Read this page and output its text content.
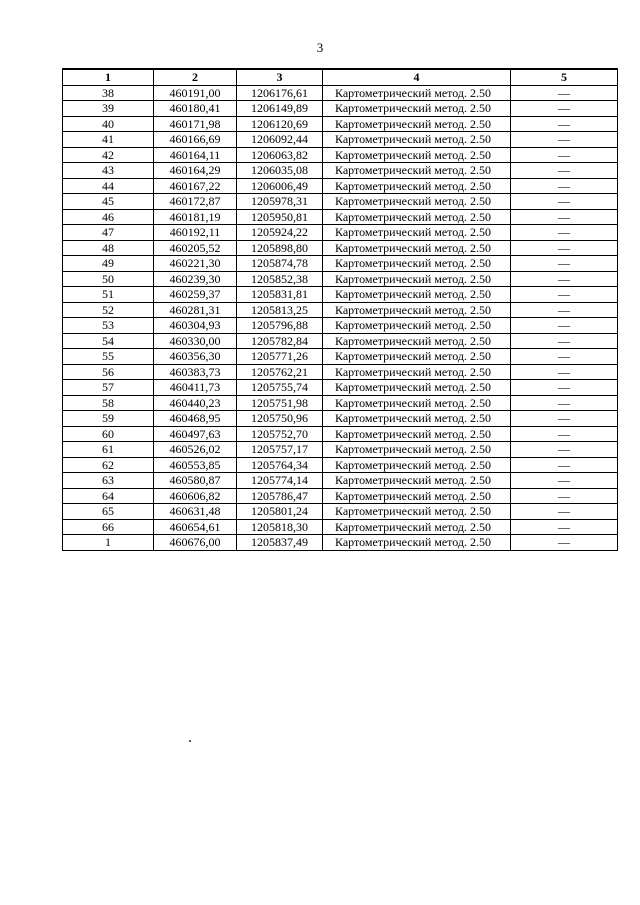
3
1	2	3	4	5
38	460191,00	1206176,61	Картометрический метод. 2.50	—
39	460180,41	1206149,89	Картометрический метод. 2.50	—
40	460171,98	1206120,69	Картометрический метод. 2.50	—
41	460166,69	1206092,44	Картометрический метод. 2.50	—
42	460164,11	1206063,82	Картометрический метод. 2.50	—
43	460164,29	1206035,08	Картометрический метод. 2.50	—
44	460167,22	1206006,49	Картометрический метод. 2.50	—
45	460172,87	1205978,31	Картометрический метод. 2.50	—
46	460181,19	1205950,81	Картометрический метод. 2.50	—
47	460192,11	1205924,22	Картометрический метод. 2.50	—
48	460205,52	1205898,80	Картометрический метод. 2.50	—
49	460221,30	1205874,78	Картометрический метод. 2.50	—
50	460239,30	1205852,38	Картометрический метод. 2.50	—
51	460259,37	1205831,81	Картометрический метод. 2.50	—
52	460281,31	1205813,25	Картометрический метод. 2.50	—
53	460304,93	1205796,88	Картометрический метод. 2.50	—
54	460330,00	1205782,84	Картометрический метод. 2.50	—
55	460356,30	1205771,26	Картометрический метод. 2.50	—
56	460383,73	1205762,21	Картометрический метод. 2.50	—
57	460411,73	1205755,74	Картометрический метод. 2.50	—
58	460440,23	1205751,98	Картометрический метод. 2.50	—
59	460468,95	1205750,96	Картометрический метод. 2.50	—
60	460497,63	1205752,70	Картометрический метод. 2.50	—
61	460526,02	1205757,17	Картометрический метод. 2.50	—
62	460553,85	1205764,34	Картометрический метод. 2.50	—
63	460580,87	1205774,14	Картометрический метод. 2.50	—
64	460606,82	1205786,47	Картометрический метод. 2.50	—
65	460631,48	1205801,24	Картометрический метод. 2.50	—
66	460654,61	1205818,30	Картометрический метод. 2.50	—
1	460676,00	1205837,49	Картометрический метод. 2.50	—
